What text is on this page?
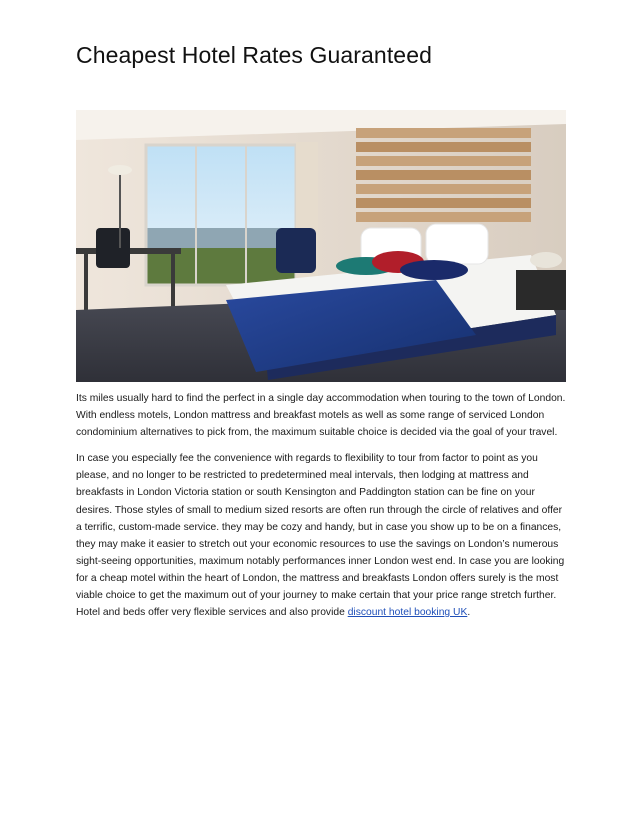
Cheapest Hotel Rates Guaranteed

Its miles usually hard to find the perfect in a single day accommodation when touring to the town of London. With endless motels, London mattress and breakfast motels as well as some range of serviced London condominium alternatives to pick from, the maximum suitable choice is decided via the goal of your travel.

In case you especially fee the convenience with regards to flexibility to tour from factor to point as you please, and no longer to be restricted to predetermined meal intervals, then lodging at mattress and breakfasts in London Victoria station or south Kensington and Paddington station can be fine on your desires. Those styles of small to medium sized resorts are often run through the circle of relatives and offer a terrific, custom-made service. they may be cozy and handy, but in case you show up to be on a finances, they may make it easier to stretch out your economic resources to use the savings on London’s numerous sight-seeing opportunities, maximum notably performances inner London west end. In case you are looking for a cheap motel within the heart of London, the mattress and breakfasts London offers surely is the most viable choice to get the maximum out of your journey to make certain that your price range stretch further. Hotel and beds offer very flexible services and also provide discount hotel booking UK.
